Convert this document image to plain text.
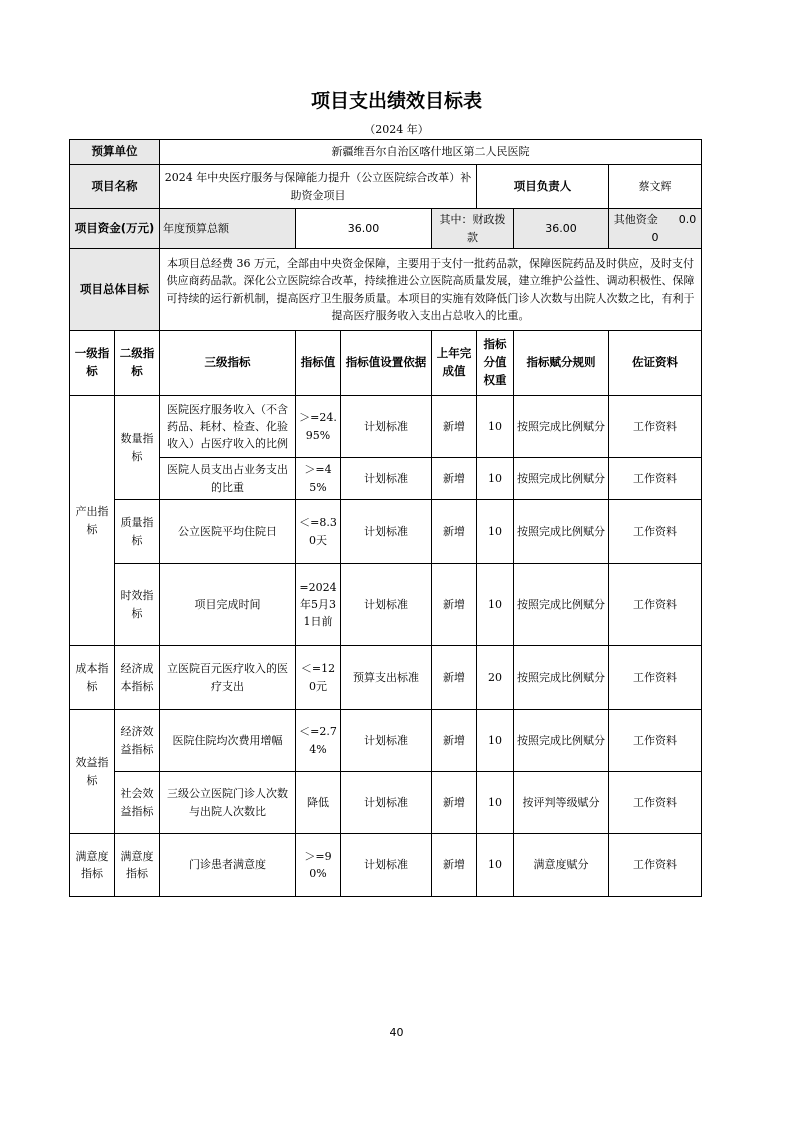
项目支出绩效目标表
（2024 年）
预算单位		新疆维吾尔自治区喀什地区第二人民医院						
项目名称		2024 年中央医疗服务与保障能力提升（公立医院综合改革）补助资金项目				项目负责人		蔡文辉
项目资金(万元)		年度预算总额	36.00		其中：财政拨款		36.00	其他资金 0.00
项目总体目标		本项目总经费 36 万元，全部由中央资金保障，主要用于支付一批药品款，保障医院药品及时供应，及时支付供应商药品款。深化公立医院综合改革，持续推进公立医院高质量发展，建立维护公益性、调动积极性、保障可持续的运行新机制，提高医疗卫生服务质量。本项目的实施有效降低门诊人次数与出院人次数之比，有利于提高医疗服务收入支出占总收入的比重。						
一级指标	二级指标	三级指标	指标值	指标值设置依据	上年完成值	指标分值权重	指标赋分规则	佐证资料
产出指标	数量指标	医院医疗服务收入（不含药品、耗材、检查、化验收入）占医疗收入的比例	＞=24.95%	计划标准	新增	10	按照完成比例赋分	工作资料
		医院人员支出占业务支出的比重	＞=45%	计划标准	新增	10	按照完成比例赋分	工作资料
	质量指标	公立医院平均住院日	＜=8.30天	计划标准	新增	10	按照完成比例赋分	工作资料
	时效指标	项目完成时间	=2024年5月31日前	计划标准	新增	10	按照完成比例赋分	工作资料
成本指标	经济成本指标	立医院百元医疗收入的医疗支出	＜=120元	预算支出标准	新增	20	按照完成比例赋分	工作资料
效益指标	经济效益指标	医院住院均次费用增幅	＜=2.74%	计划标准	新增	10	按照完成比例赋分	工作资料
	社会效益指标	三级公立医院门诊人次数与出院人次数比	降低	计划标准	新增	10	按评判等级赋分	工作资料
满意度指标	满意度指标	门诊患者满意度	＞=90%	计划标准	新增	10	满意度赋分	工作资料
40
